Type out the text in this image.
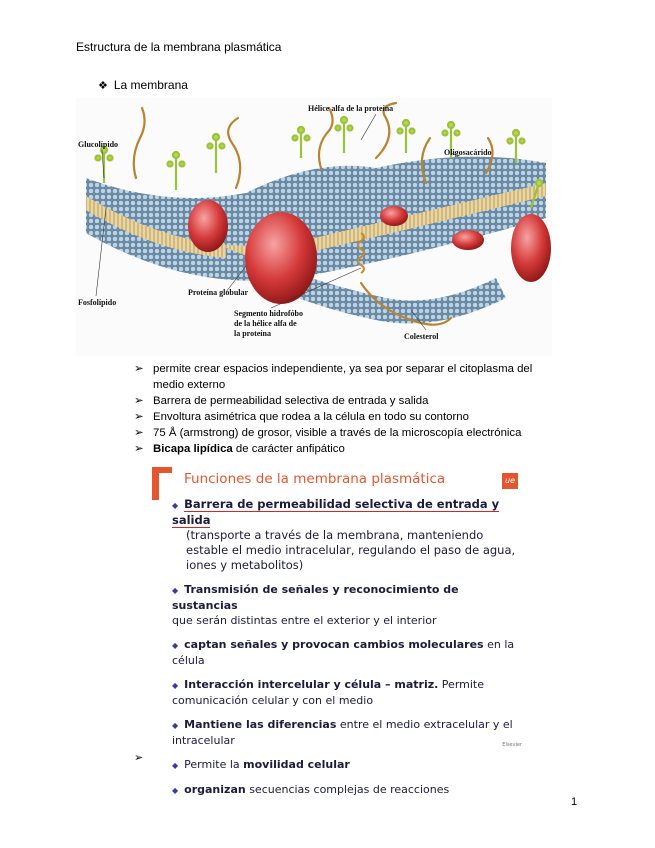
Estructura de la membrana plasmática
❖ La membrana
Glucolípido
Hélice alfa de la proteína
Oligosacárido
Fosfolípido
Proteína globular
Segmento hidrofóbo
de la hélice alfa de
la proteína	Colesterol
➢ permite crear espacios independiente, ya sea por separar el citoplasma del medio externo
➢ Barrera de permeabilidad selectiva de entrada y salida
➢ Envoltura asimétrica que rodea a la célula en todo su contorno
➢ 75 Å (armstrong) de grosor, visible a través de la microscopía electrónica
➢ Bicapa lipídica de carácter anfipático
Funciones de la membrana plasmática	ue
◆ Barrera de permeabilidad selectiva de entrada y salida
(transporte a través de la membrana, manteniendo estable el medio intracelular, regulando el paso de agua, iones y metabolitos)
◆ Transmisión de señales y reconocimiento de sustancias
que serán distintas entre el exterior y el interior
◆ captan señales y provocan cambios moleculares en la célula
◆ Interacción intercelular y célula – matriz. Permite comunicación celular y con el medio
◆ Mantiene las diferencias entre el medio extracelular y el intracelular
◆ Permite la movilidad celular
◆ organizan secuencias complejas de reacciones
Elsevier
➢
1
